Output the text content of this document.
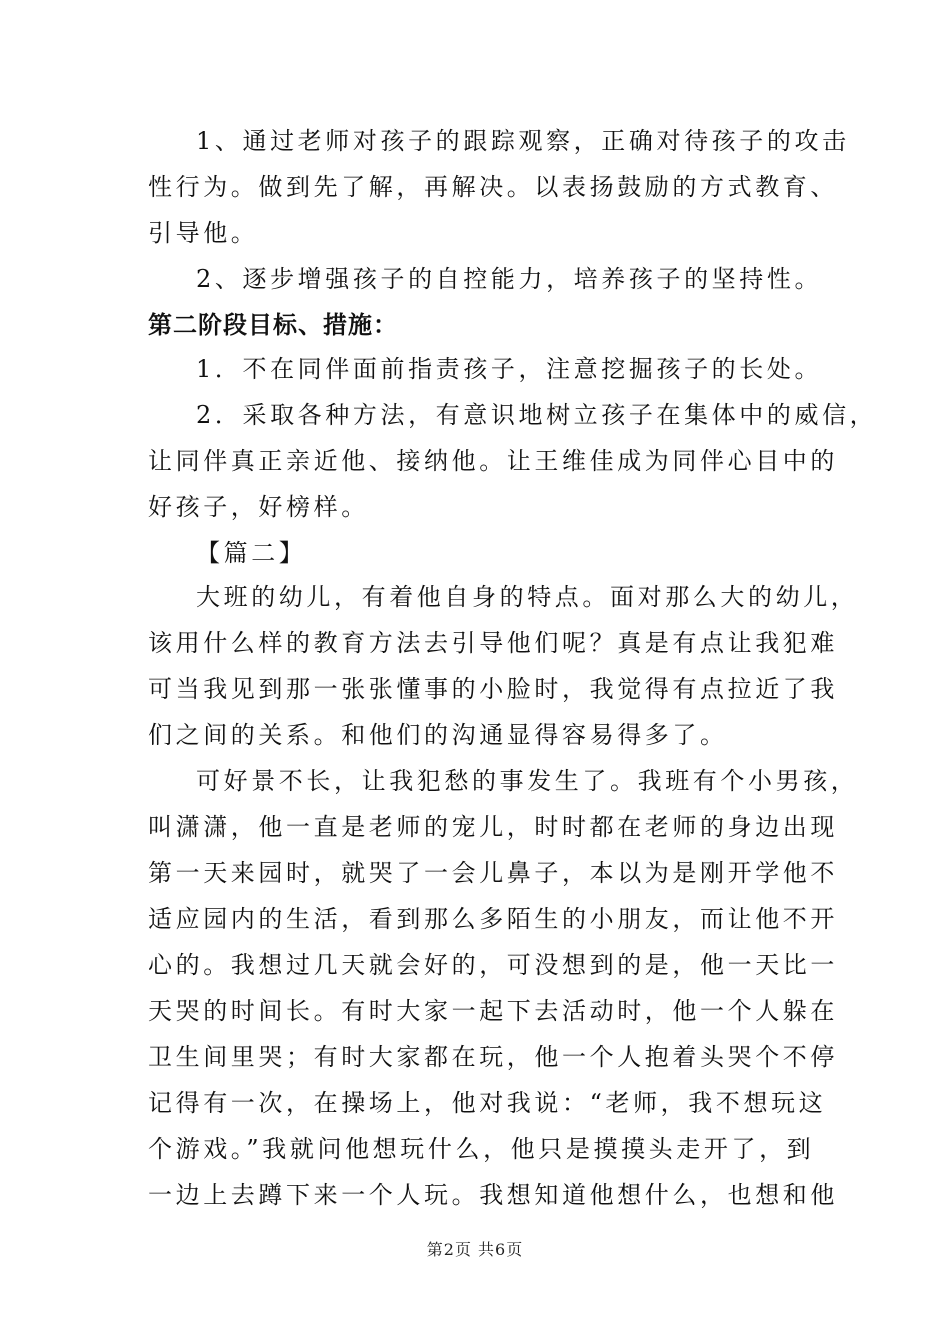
1、通过老师对孩子的跟踪观察，正确对待孩子的攻击
性行为。做到先了解，再解决。以表扬鼓励的方式教育、
引导他。
2、逐步增强孩子的自控能力，培养孩子的坚持性。
第二阶段目标、措施：
1．不在同伴面前指责孩子，注意挖掘孩子的长处。
2．采取各种方法，有意识地树立孩子在集体中的威信，
让同伴真正亲近他、接纳他。让王维佳成为同伴心目中的
好孩子，好榜样。
【篇二】
大班的幼儿，有着他自身的特点。面对那么大的幼儿，
该用什么样的教育方法去引导他们呢？真是有点让我犯难
可当我见到那一张张懂事的小脸时，我觉得有点拉近了我
们之间的关系。和他们的沟通显得容易得多了。
可好景不长，让我犯愁的事发生了。我班有个小男孩，
叫潇潇，他一直是老师的宠儿，时时都在老师的身边出现
第一天来园时，就哭了一会儿鼻子，本以为是刚开学他不
适应园内的生活，看到那么多陌生的小朋友，而让他不开
心的。我想过几天就会好的，可没想到的是，他一天比一
天哭的时间长。有时大家一起下去活动时，他一个人躲在
卫生间里哭；有时大家都在玩，他一个人抱着头哭个不停
记得有一次，在操场上，他对我说：“老师，我不想玩这
个游戏。”我就问他想玩什么，他只是摸摸头走开了，到
一边上去蹲下来一个人玩。我想知道他想什么，也想和他
第2页 共6页
